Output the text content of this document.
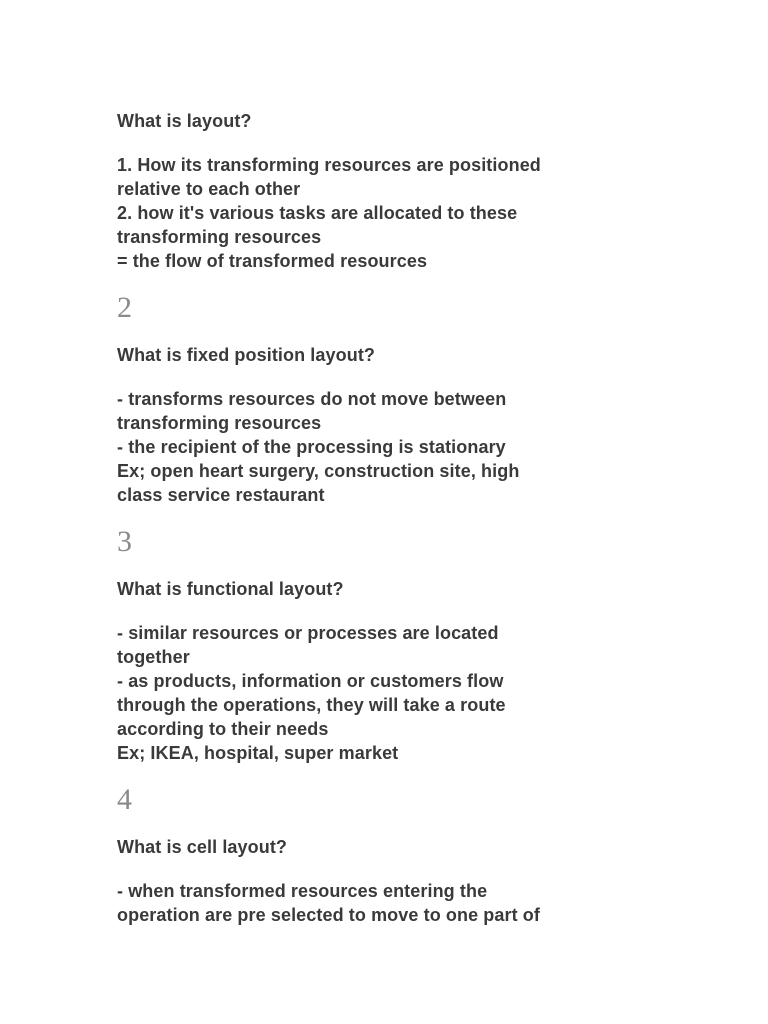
What is layout?

1. How its transforming resources are positioned
relative to each other
2. how it's various tasks are allocated to these
transforming resources
= the flow of transformed resources

2
What is fixed position layout?

- transforms resources do not move between
transforming resources
- the recipient of the processing is stationary
Ex; open heart surgery, construction site, high
class service restaurant

3
What is functional layout?

- similar resources or processes are located
together
- as products, information or customers flow
through the operations, they will take a route
according to their needs
Ex; IKEA, hospital, super market

4
What is cell layout?

- when transformed resources entering the
operation are pre selected to move to one part of
